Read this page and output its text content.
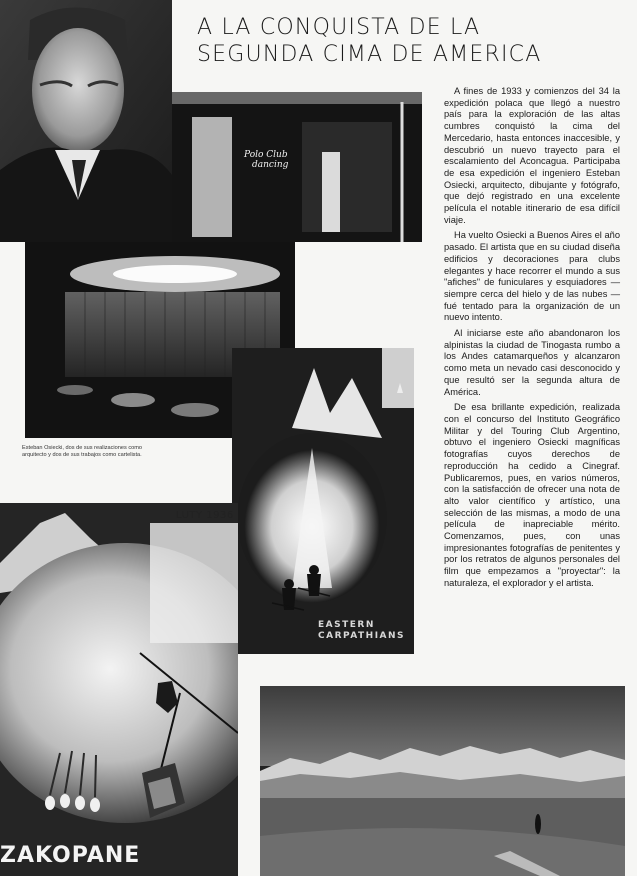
A LA CONQUISTA DE LA
SEGUNDA CIMA DE AMERICA
Polo Club
dancing
Esteban Osiecki, dos de sus realizaciones como arquitecto y dos de sus trabajos como cartelista.

A fines de 1933 y comienzos del 34 la expedición polaca que llegó a nuestro país para la exploración de las altas cumbres conquistó la cima del Mercedario, hasta entonces inaccesible, y descubrió un nuevo trayecto para el escalamiento del Aconcagua. Participaba de esa expedición el ingeniero Esteban Osiecki, arquitecto, dibujante y fotógrafo, que dejó registrado en una excelente película el notable itinerario de esa difícil viaje.

Ha vuelto Osiecki a Buenos Aires el año pasado. El artista que en su ciudad diseña edificios y decoraciones para clubs elegantes y hace recorrer el mundo a sus "afiches" de funiculares y esquiadores — siempre cerca del hielo y de las nubes — fué tentado para la organización de un nuevo intento.

Al iniciarse este año abandonaron los alpinistas la ciudad de Tinogasta rumbo a los Andes catamarqueños y alcanzaron como meta un nevado casi desconocido y que resultó ser la segunda altura de América.

De esa brillante expedición, realizada con el concurso del Instituto Geográfico Militar y del Touring Club Argentino, obtuvo el ingeniero Osiecki magníficas fotografías cuyos derechos de reproducción ha cedido a Cinegraf. Publicaremos, pues, en varios números, con la satisfacción de ofrecer una nota de alto valor científico y artístico, una selección de las mismas, a modo de una película de inapreciable mérito. Comenzamos, pues, con unas impresionantes fotografías de penitentes y por los retratos de algunos personales del film que empezamos a "proyectar": la naturaleza, el explorador y el artista.

EASTERN
CARPATHIANS
LUTY 1936
ZAKOPANE
